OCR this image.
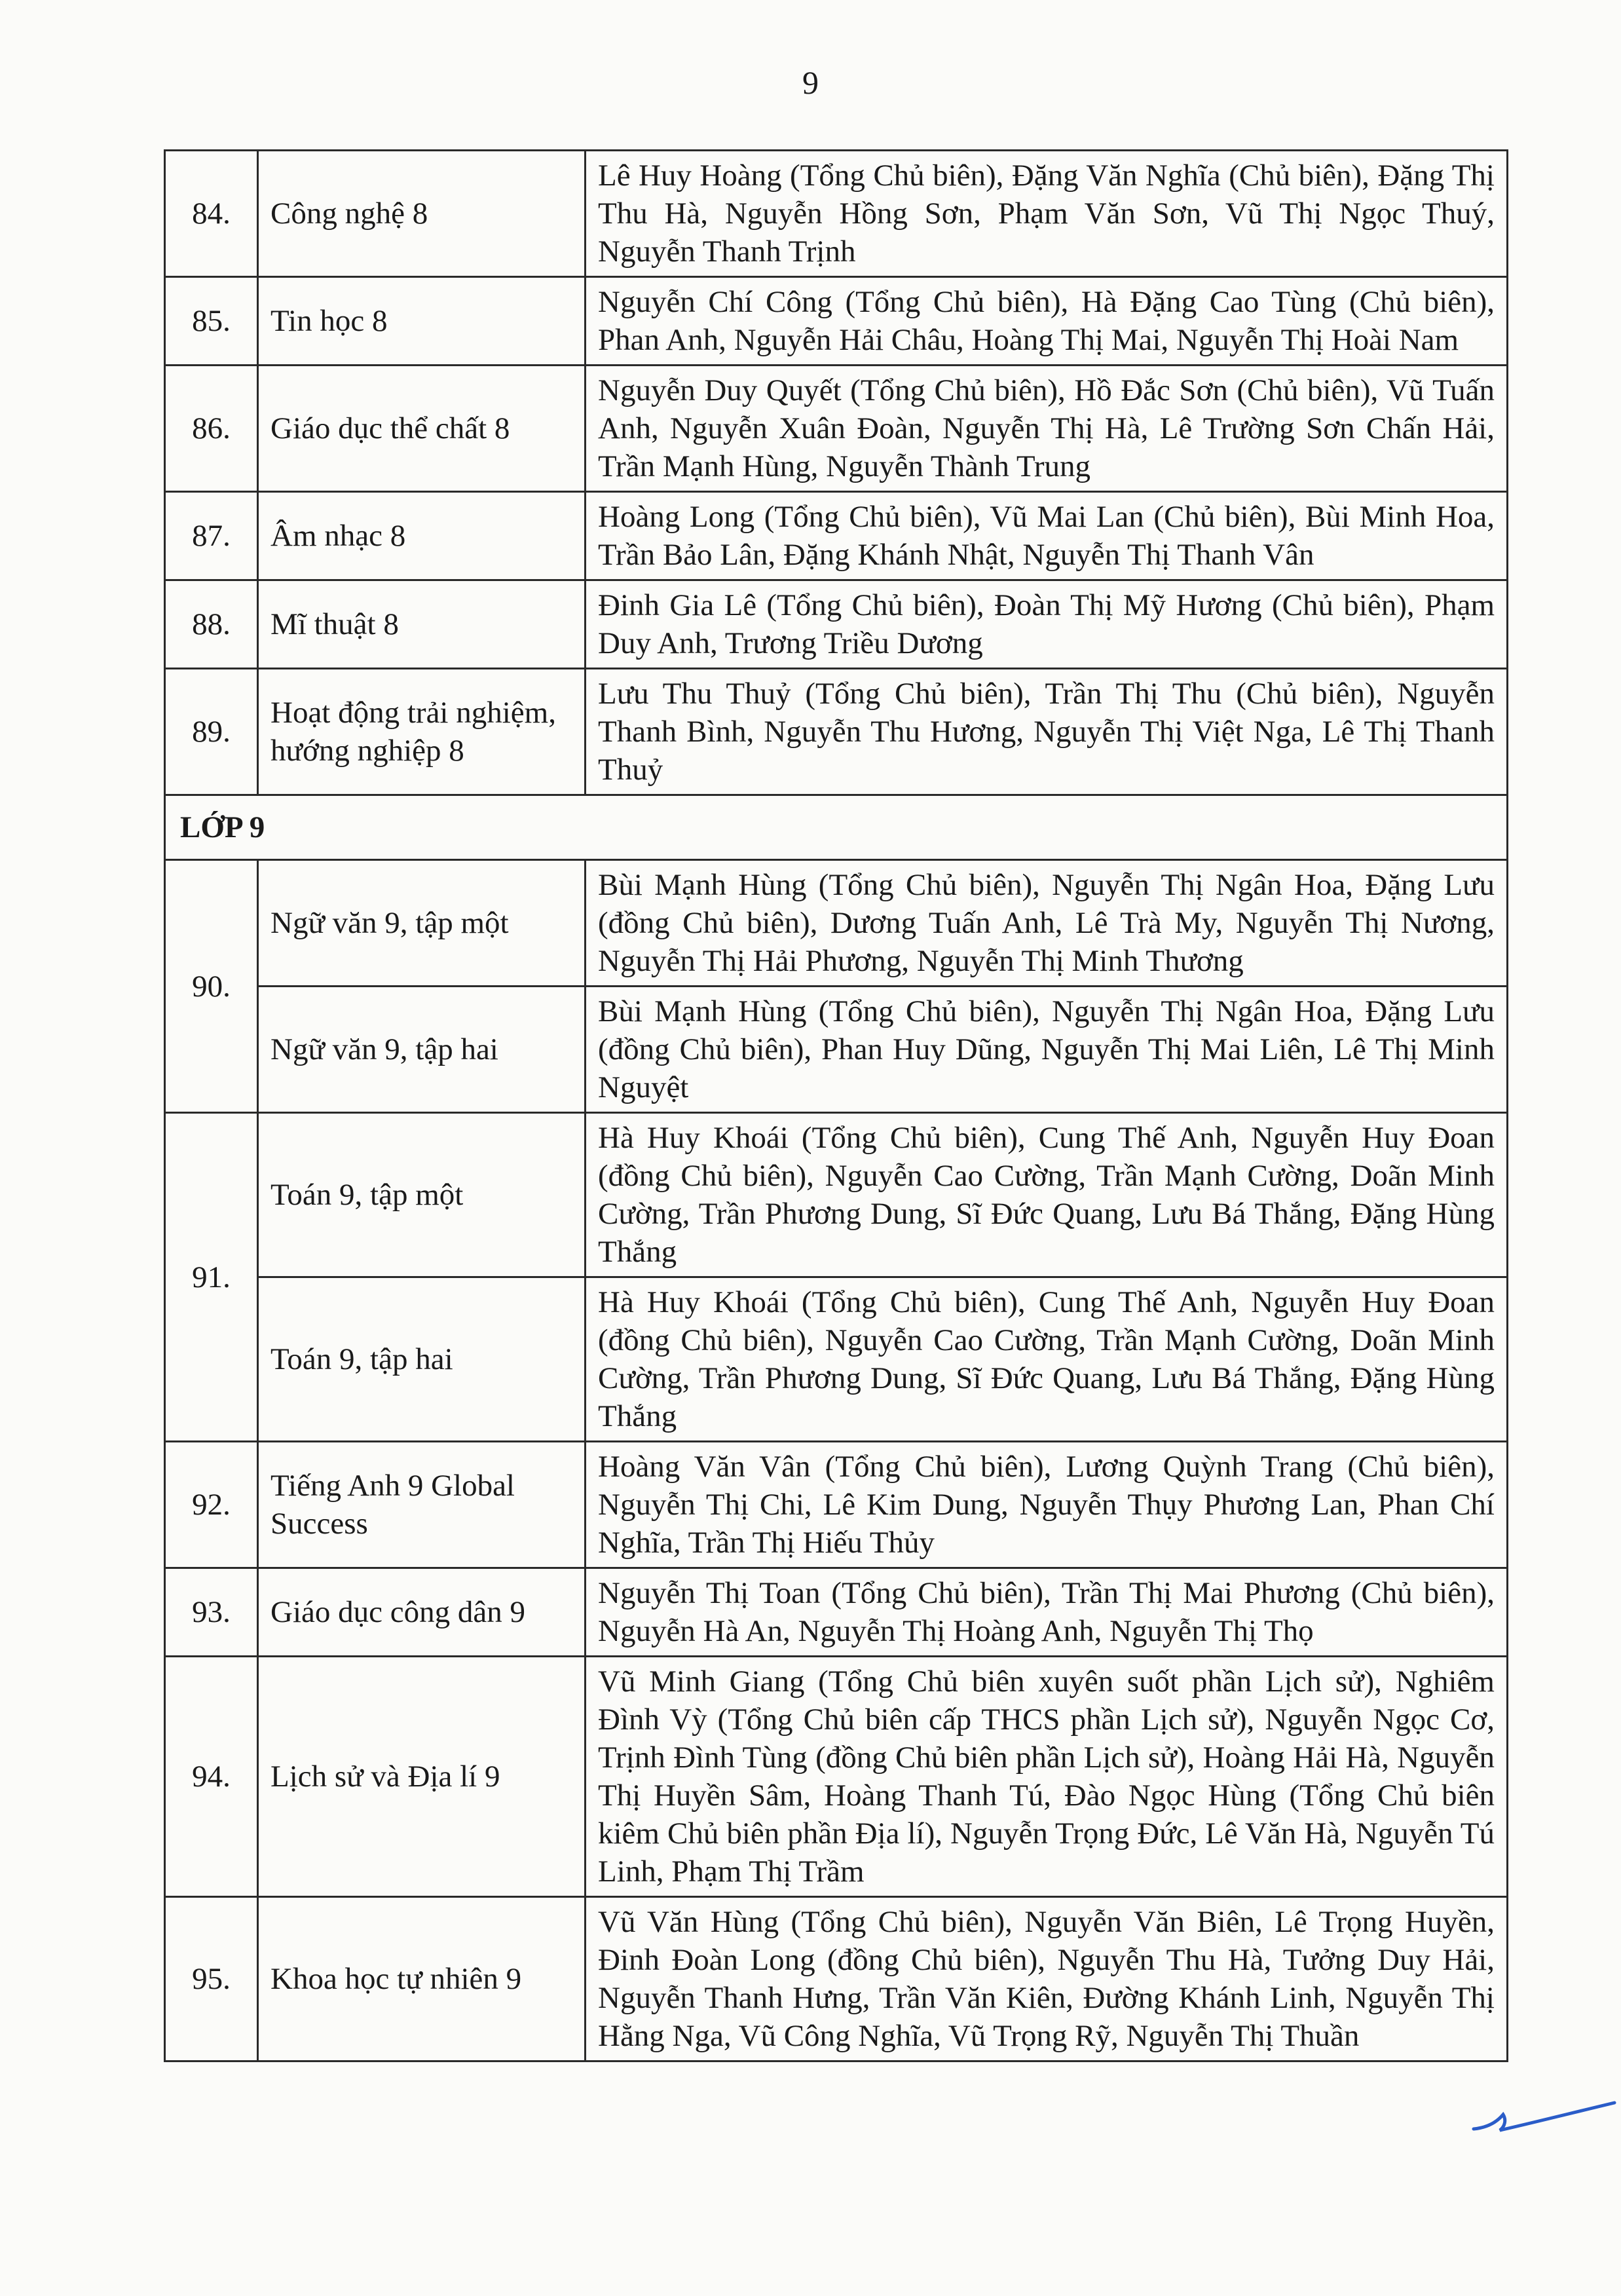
9
84.	Công nghệ 8	Lê Huy Hoàng (Tổng Chủ biên), Đặng Văn Nghĩa (Chủ biên), Đặng Thị Thu Hà, Nguyễn Hồng Sơn, Phạm Văn Sơn, Vũ Thị Ngọc Thuý, Nguyễn Thanh Trịnh
85.	Tin học 8	Nguyễn Chí Công (Tổng Chủ biên), Hà Đặng Cao Tùng (Chủ biên), Phan Anh, Nguyễn Hải Châu, Hoàng Thị Mai, Nguyễn Thị Hoài Nam
86.	Giáo dục thể chất 8	Nguyễn Duy Quyết (Tổng Chủ biên), Hồ Đắc Sơn (Chủ biên), Vũ Tuấn Anh, Nguyễn Xuân Đoàn, Nguyễn Thị Hà, Lê Trường Sơn Chấn Hải, Trần Mạnh Hùng, Nguyễn Thành Trung
87.	Âm nhạc 8	Hoàng Long (Tổng Chủ biên), Vũ Mai Lan (Chủ biên), Bùi Minh Hoa, Trần Bảo Lân, Đặng Khánh Nhật, Nguyễn Thị Thanh Vân
88.	Mĩ thuật 8	Đinh Gia Lê (Tổng Chủ biên), Đoàn Thị Mỹ Hương (Chủ biên), Phạm Duy Anh, Trương Triều Dương
89.	Hoạt động trải nghiệm, hướng nghiệp 8	Lưu Thu Thuỷ (Tổng Chủ biên), Trần Thị Thu (Chủ biên), Nguyễn Thanh Bình, Nguyễn Thu Hương, Nguyễn Thị Việt Nga, Lê Thị Thanh Thuỷ
LỚP 9		
90.	Ngữ văn 9, tập một	Bùi Mạnh Hùng (Tổng Chủ biên), Nguyễn Thị Ngân Hoa, Đặng Lưu (đồng Chủ biên), Dương Tuấn Anh, Lê Trà My, Nguyễn Thị Nương, Nguyễn Thị Hải Phương, Nguyễn Thị Minh Thương
	Ngữ văn 9, tập hai	Bùi Mạnh Hùng (Tổng Chủ biên), Nguyễn Thị Ngân Hoa, Đặng Lưu (đồng Chủ biên), Phan Huy Dũng, Nguyễn Thị Mai Liên, Lê Thị Minh Nguyệt
91.	Toán 9, tập một	Hà Huy Khoái (Tổng Chủ biên), Cung Thế Anh, Nguyễn Huy Đoan (đồng Chủ biên), Nguyễn Cao Cường, Trần Mạnh Cường, Doãn Minh Cường, Trần Phương Dung, Sĩ Đức Quang, Lưu Bá Thắng, Đặng Hùng Thắng
	Toán 9, tập hai	Hà Huy Khoái (Tổng Chủ biên), Cung Thế Anh, Nguyễn Huy Đoan (đồng Chủ biên), Nguyễn Cao Cường, Trần Mạnh Cường, Doãn Minh Cường, Trần Phương Dung, Sĩ Đức Quang, Lưu Bá Thắng, Đặng Hùng Thắng
92.	Tiếng Anh 9 Global Success	Hoàng Văn Vân (Tổng Chủ biên), Lương Quỳnh Trang (Chủ biên), Nguyễn Thị Chi, Lê Kim Dung, Nguyễn Thụy Phương Lan, Phan Chí Nghĩa, Trần Thị Hiếu Thủy
93.	Giáo dục công dân 9	Nguyễn Thị Toan (Tổng Chủ biên), Trần Thị Mai Phương (Chủ biên), Nguyễn Hà An, Nguyễn Thị Hoàng Anh, Nguyễn Thị Thọ
94.	Lịch sử và Địa lí 9	Vũ Minh Giang (Tổng Chủ biên xuyên suốt phần Lịch sử), Nghiêm Đình Vỳ (Tổng Chủ biên cấp THCS phần Lịch sử), Nguyễn Ngọc Cơ, Trịnh Đình Tùng (đồng Chủ biên phần Lịch sử), Hoàng Hải Hà, Nguyễn Thị Huyền Sâm, Hoàng Thanh Tú, Đào Ngọc Hùng (Tổng Chủ biên kiêm Chủ biên phần Địa lí), Nguyễn Trọng Đức, Lê Văn Hà, Nguyễn Tú Linh, Phạm Thị Trầm
95.	Khoa học tự nhiên 9	Vũ Văn Hùng (Tổng Chủ biên), Nguyễn Văn Biên, Lê Trọng Huyền, Đinh Đoàn Long (đồng Chủ biên), Nguyễn Thu Hà, Tưởng Duy Hải, Nguyễn Thanh Hưng, Trần Văn Kiên, Đường Khánh Linh, Nguyễn Thị Hằng Nga, Vũ Công Nghĩa, Vũ Trọng Rỹ, Nguyễn Thị Thuần
